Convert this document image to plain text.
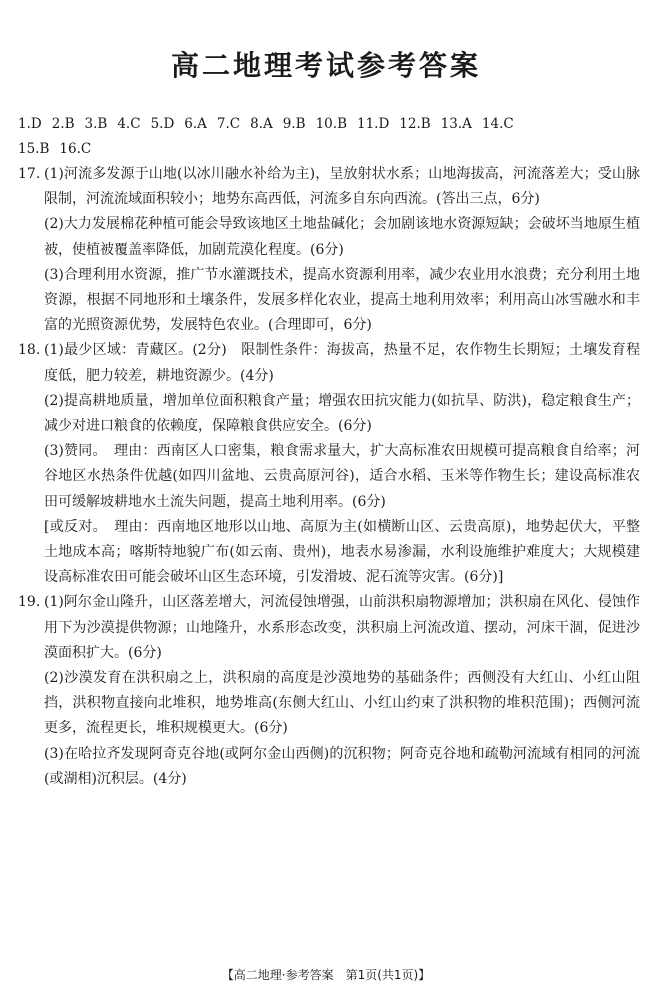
高二地理考试参考答案
1.D 2.B 3.B 4.C 5.D 6.A 7.C 8.A 9.B 10.B 11.D 12.B 13.A 14.C
15.B 16.C
17. (1)河流多发源于山地(以冰川融水补给为主)，呈放射状水系；山地海拔高，河流落差大；受山脉限制，河流流域面积较小；地势东高西低，河流多自东向西流。(答出三点，6分)

(2)大力发展棉花种植可能会导致该地区土地盐碱化；会加剧该地水资源短缺；会破坏当地原生植被，使植被覆盖率降低，加剧荒漠化程度。(6分)

(3)合理利用水资源，推广节水灌溉技术，提高水资源利用率，减少农业用水浪费；充分利用土地资源，根据不同地形和土壤条件，发展多样化农业，提高土地利用效率；利用高山冰雪融水和丰富的光照资源优势，发展特色农业。(合理即可，6分)

18. (1)最少区域：青藏区。(2分)　限制性条件：海拔高，热量不足，农作物生长期短；土壤发育程度低，肥力较差，耕地资源少。(4分)

(2)提高耕地质量，增加单位面积粮食产量；增强农田抗灾能力(如抗旱、防洪)，稳定粮食生产；减少对进口粮食的依赖度，保障粮食供应安全。(6分)

(3)赞同。　理由：西南区人口密集，粮食需求量大，扩大高标准农田规模可提高粮食自给率；河谷地区水热条件优越(如四川盆地、云贵高原河谷)，适合水稻、玉米等作物生长；建设高标准农田可缓解坡耕地水土流失问题，提高土地利用率。(6分)

[或反对。　理由：西南地区地形以山地、高原为主(如横断山区、云贵高原)，地势起伏大，平整土地成本高；喀斯特地貌广布(如云南、贵州)，地表水易渗漏，水利设施维护难度大；大规模建设高标准农田可能会破坏山区生态环境，引发滑坡、泥石流等灾害。(6分)]

19. (1)阿尔金山隆升，山区落差增大，河流侵蚀增强，山前洪积扇物源增加；洪积扇在风化、侵蚀作用下为沙漠提供物源；山地隆升，水系形态改变，洪积扇上河流改道、摆动，河床干涸，促进沙漠面积扩大。(6分)

(2)沙漠发育在洪积扇之上，洪积扇的高度是沙漠地势的基础条件；西侧没有大红山、小红山阻挡，洪积物直接向北堆积，地势堆高(东侧大红山、小红山约束了洪积物的堆积范围)；西侧河流更多，流程更长，堆积规模更大。(6分)

(3)在哈拉齐发现阿奇克谷地(或阿尔金山西侧)的沉积物；阿奇克谷地和疏勒河流域有相同的河流(或湖相)沉积层。(4分)

【高二地理·参考答案　第1页(共1页)】
